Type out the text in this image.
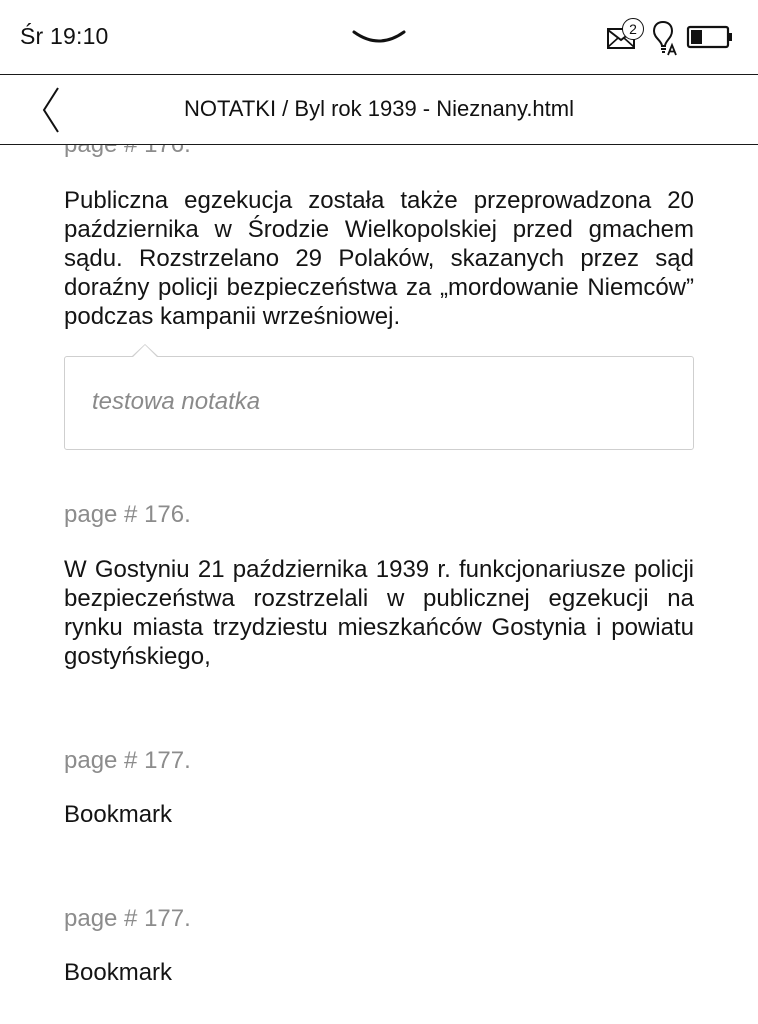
Śr 19:10	2
NOTATKI / Byl rok 1939 - Nieznany.html
Publiczna egzekucja została także przeprowadzona 20 października w Środzie Wielkopolskiej przed gmachem sądu. Rozstrzelano 29 Polaków, skazanych przez sąd doraźny policji bezpieczeństwa za „mordowanie Niemców” podczas kampanii wrześniowej.
testowa notatka
page # 176.
W Gostyniu 21 października 1939 r. funkcjonariusze policji bezpieczeństwa rozstrzelali w publicznej egzekucji na rynku miasta trzydziestu mieszkańców Gostynia i powiatu gostyńskiego,
page # 177.
Bookmark
page # 177.
Bookmark
